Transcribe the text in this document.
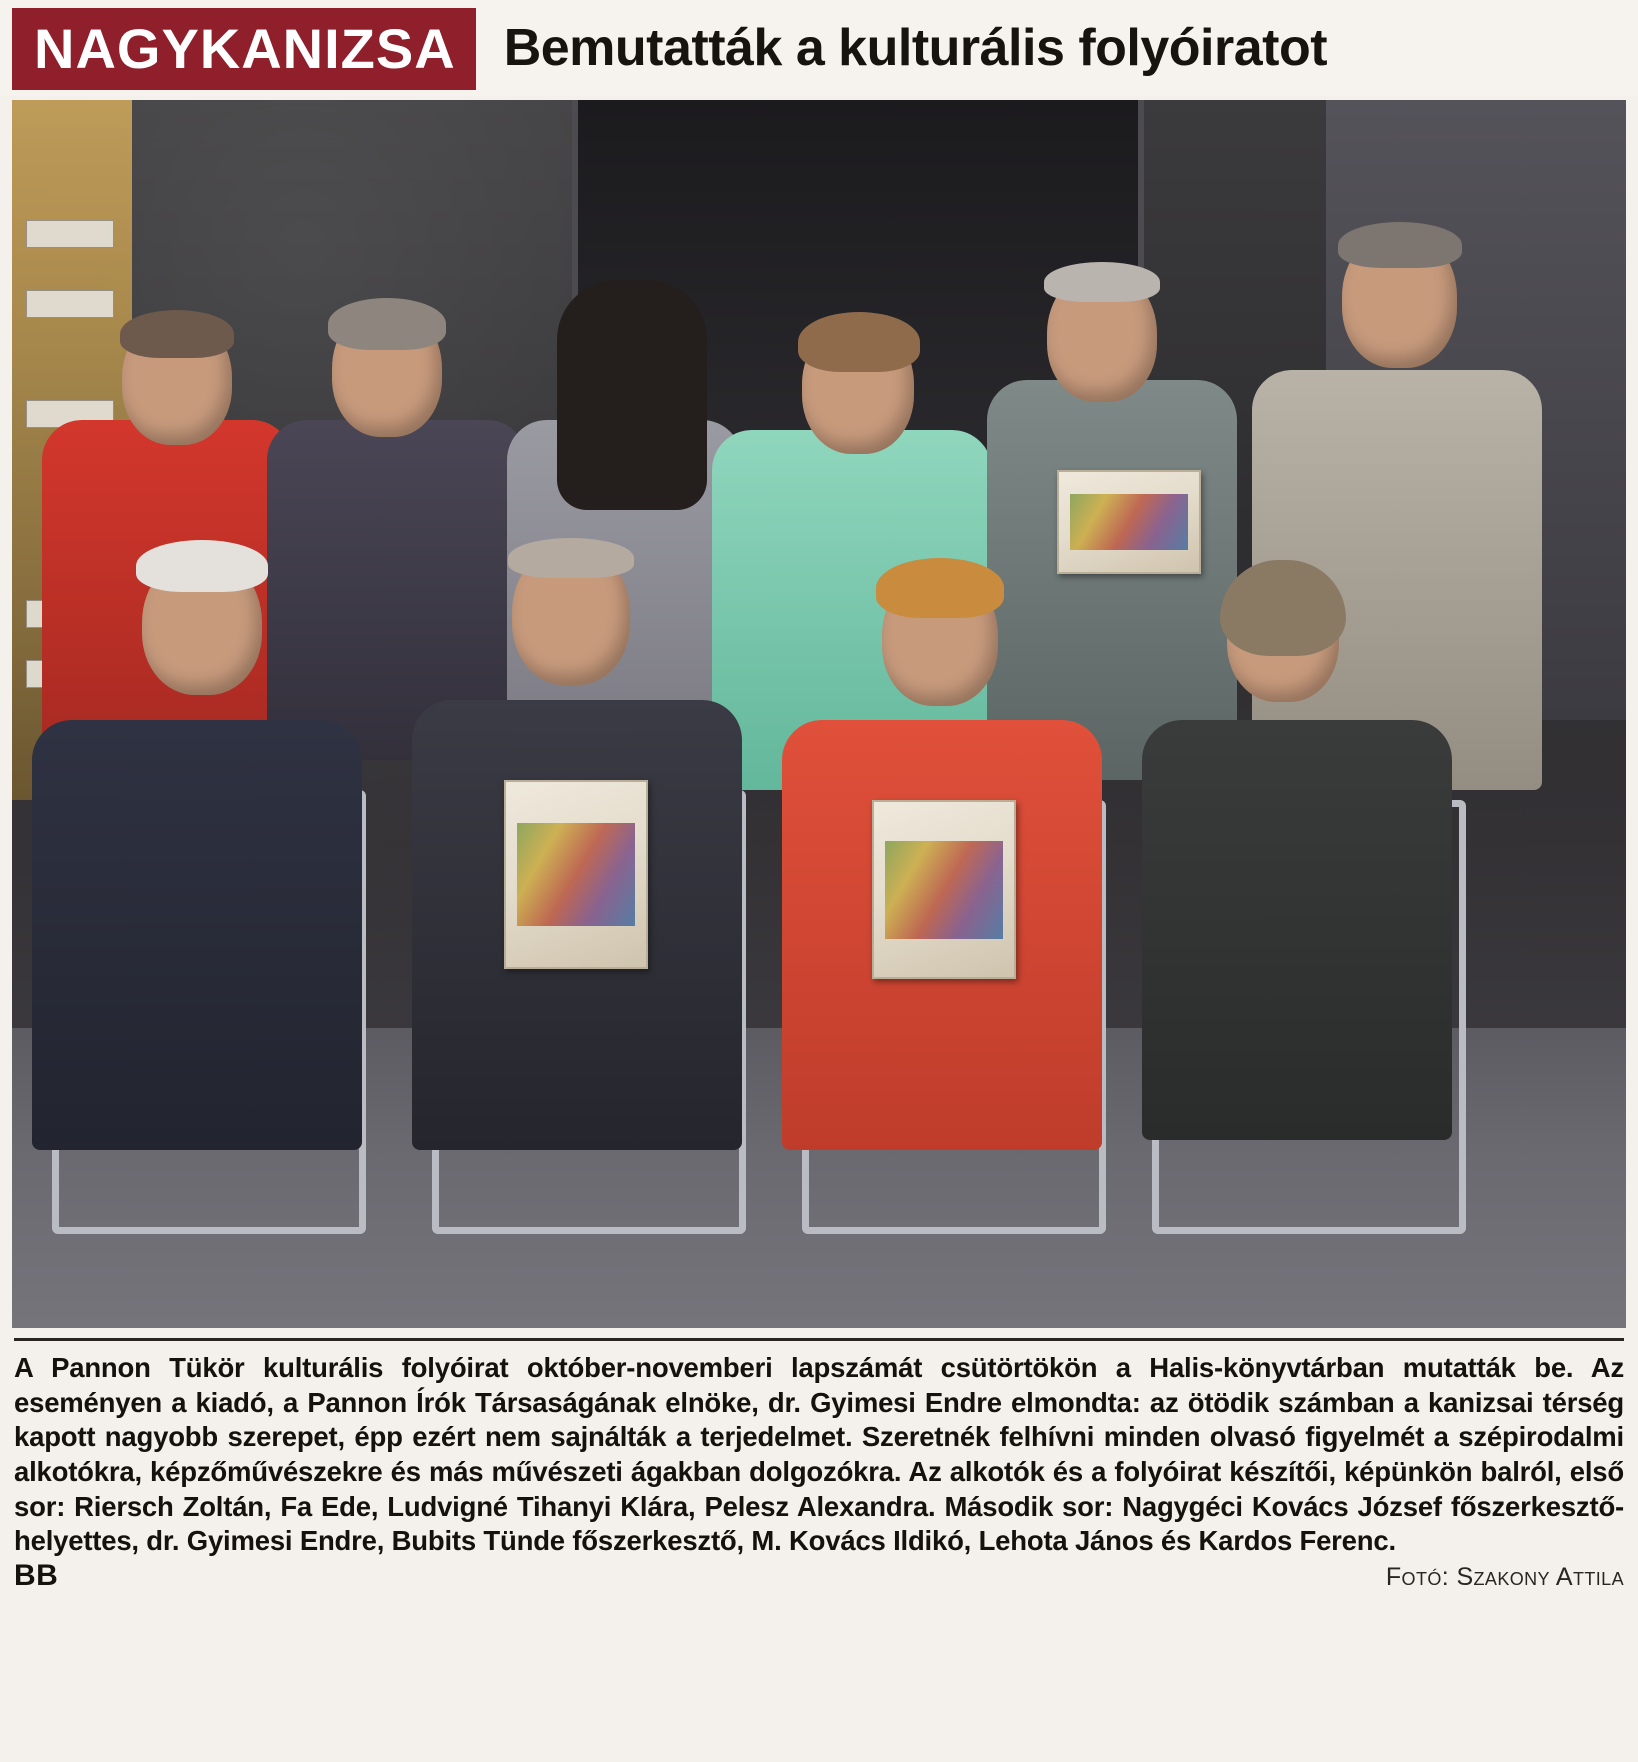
NAGYKANIZSA Bemutatták a kulturális folyóiratot

A Pannon Tükör kulturális folyóirat október-novemberi lapszámát csütörtökön a Halis-könyvtárban mutatták be. Az eseményen a kiadó, a Pannon Írók Társaságának elnöke, dr. Gyimesi Endre elmondta: az ötödik számban a kanizsai térség kapott nagyobb szerepet, épp ezért nem sajnálták a terjedelmet. Szeretnék felhívni minden olvasó figyelmét a szépirodalmi alkotókra, képzőművészekre és más művészeti ágakban dolgozókra. Az alkotók és a folyóirat készítői, képünkön balról, első sor: Riersch Zoltán, Fa Ede, Ludvigné Tihanyi Klára, Pelesz Alexandra. Második sor: Nagygéci Kovács József főszerkesztő-helyettes, dr. Gyimesi Endre, Bubits Tünde főszerkesztő, M. Kovács Ildikó, Lehota János és Kardos Ferenc.

BB	Fotó: Szakony Attila
